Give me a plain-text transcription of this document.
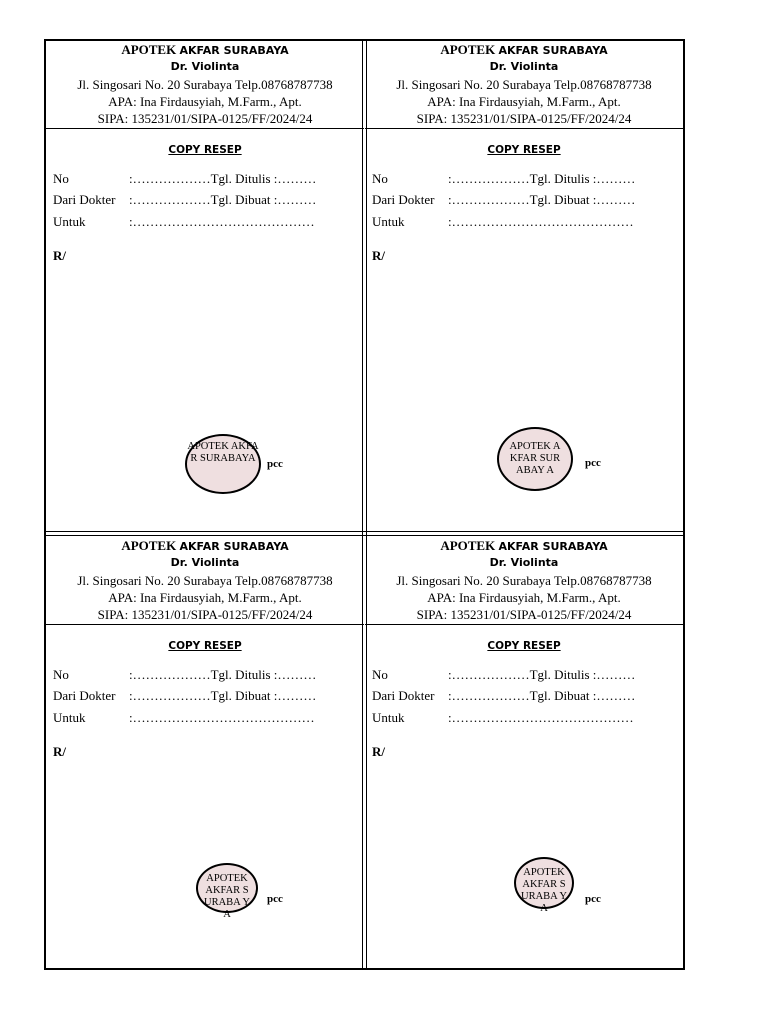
APOTEK AKFAR SURABAYA
Dr. Violinta
Jl. Singosari No. 20 Surabaya Telp.08768787738
APA: Ina Firdausyiah, M.Farm., Apt.
SIPA: 135231/01/SIPA-0125/FF/2024/24
COPY RESEP
No	:………………Tgl. Ditulis :………
Dari Dokter :………………Tgl. Dibuat :………
Untuk	:……………………………………
R/
APOTEK AKFAR SURABAYA	pcc
APOTEK AKFAR SURABAYA
Dr. Violinta
Jl. Singosari No. 20 Surabaya Telp.08768787738
APA: Ina Firdausyiah, M.Farm., Apt.
SIPA: 135231/01/SIPA-0125/FF/2024/24
COPY RESEP
No	:………………Tgl. Ditulis :………
Dari Dokter :………………Tgl. Dibuat :………
Untuk	:……………………………………
R/
APOTEK AKFAR SURABAY A
pcc
APOTEK AKFAR SURABAYA
Dr. Violinta
Jl. Singosari No. 20 Surabaya Telp.08768787738
APA: Ina Firdausyiah, M.Farm., Apt.
SIPA: 135231/01/SIPA-0125/FF/2024/24
COPY RESEP
No	:………………Tgl. Ditulis :………
Dari Dokter :………………Tgl. Dibuat :………
Untuk	:……………………………………
R/
APOTEK AKFAR SURABA YA
pcc
APOTEK AKFAR SURABAYA
Dr. Violinta
Jl. Singosari No. 20 Surabaya Telp.08768787738
APA: Ina Firdausyiah, M.Farm., Apt.
SIPA: 135231/01/SIPA-0125/FF/2024/24
COPY RESEP
No	:………………Tgl. Ditulis :………
Dari Dokter :………………Tgl. Dibuat :………
Untuk	:……………………………………
R/
APOTEK AKFAR SURABA YA
pcc
